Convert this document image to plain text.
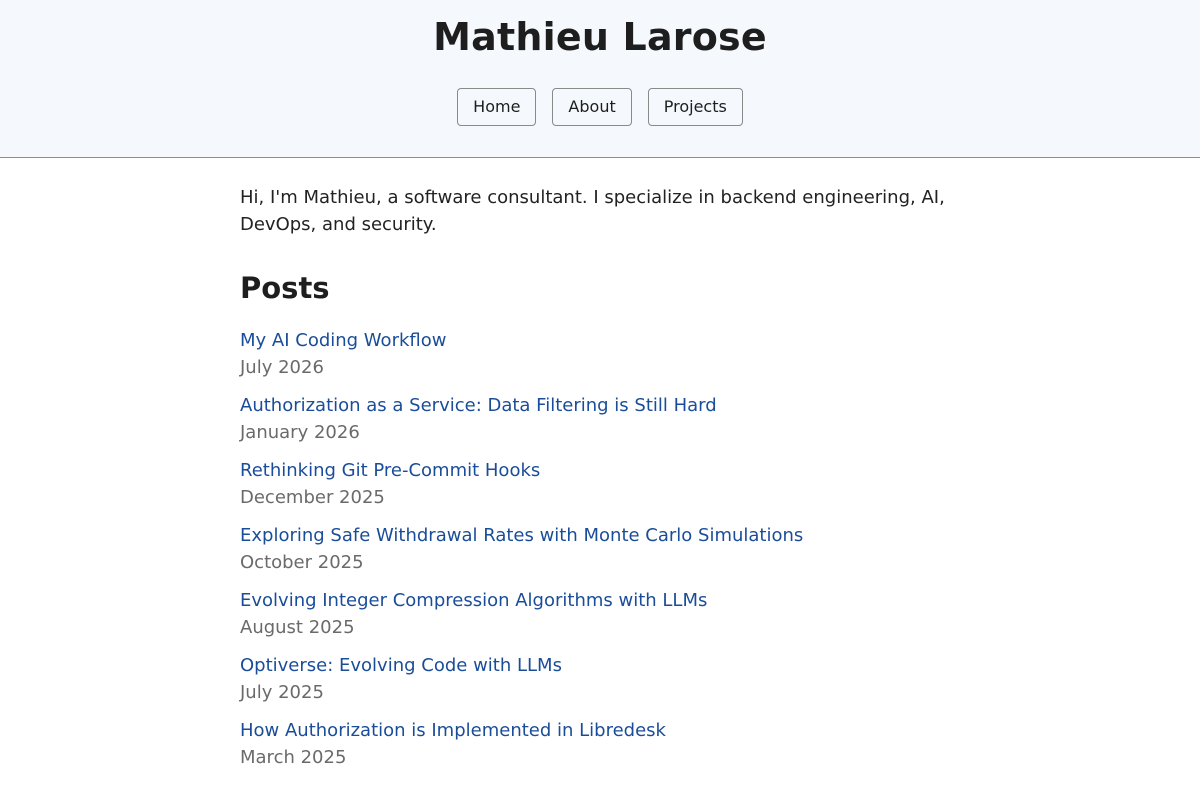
Mathieu Larose
Home	About	Projects

Hi, I'm Mathieu, a software consultant. I specialize in backend engineering, AI, DevOps, and security.

Posts
My AI Coding Workflow
July 2026
Authorization as a Service: Data Filtering is Still Hard
January 2026
Rethinking Git Pre-Commit Hooks
December 2025
Exploring Safe Withdrawal Rates with Monte Carlo Simulations
October 2025
Evolving Integer Compression Algorithms with LLMs
August 2025
Optiverse: Evolving Code with LLMs
July 2025
How Authorization is Implemented in Libredesk
March 2025
